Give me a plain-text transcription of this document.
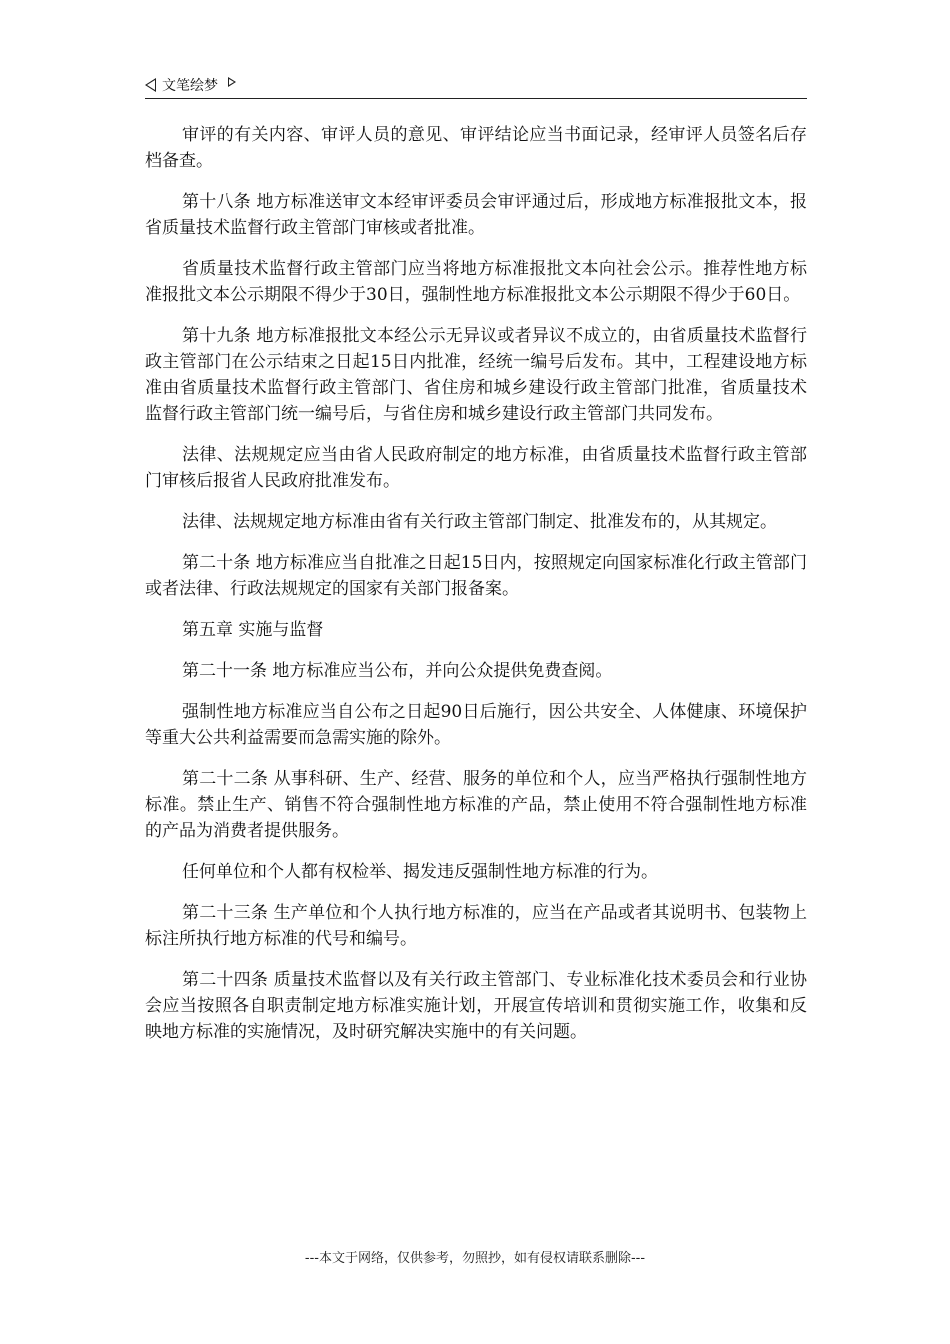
文笔绘梦

审评的有关内容、审评人员的意见、审评结论应当书面记录，经审评人员签名后存档备查。

第十八条 地方标准送审文本经审评委员会审评通过后，形成地方标准报批文本，报省质量技术监督行政主管部门审核或者批准。

省质量技术监督行政主管部门应当将地方标准报批文本向社会公示。推荐性地方标准报批文本公示期限不得少于30日，强制性地方标准报批文本公示期限不得少于60日。

第十九条 地方标准报批文本经公示无异议或者异议不成立的，由省质量技术监督行政主管部门在公示结束之日起15日内批准，经统一编号后发布。其中，工程建设地方标准由省质量技术监督行政主管部门、省住房和城乡建设行政主管部门批准，省质量技术监督行政主管部门统一编号后，与省住房和城乡建设行政主管部门共同发布。

法律、法规规定应当由省人民政府制定的地方标准，由省质量技术监督行政主管部门审核后报省人民政府批准发布。

法律、法规规定地方标准由省有关行政主管部门制定、批准发布的，从其规定。

第二十条 地方标准应当自批准之日起15日内，按照规定向国家标准化行政主管部门或者法律、行政法规规定的国家有关部门报备案。

第五章 实施与监督

第二十一条 地方标准应当公布，并向公众提供免费查阅。

强制性地方标准应当自公布之日起90日后施行，因公共安全、人体健康、环境保护等重大公共利益需要而急需实施的除外。

第二十二条 从事科研、生产、经营、服务的单位和个人，应当严格执行强制性地方标准。禁止生产、销售不符合强制性地方标准的产品，禁止使用不符合强制性地方标准的产品为消费者提供服务。

任何单位和个人都有权检举、揭发违反强制性地方标准的行为。

第二十三条 生产单位和个人执行地方标准的，应当在产品或者其说明书、包装物上标注所执行地方标准的代号和编号。

第二十四条 质量技术监督以及有关行政主管部门、专业标准化技术委员会和行业协会应当按照各自职责制定地方标准实施计划，开展宣传培训和贯彻实施工作，收集和反映地方标准的实施情况，及时研究解决实施中的有关问题。

---本文于网络，仅供参考，勿照抄，如有侵权请联系删除---
